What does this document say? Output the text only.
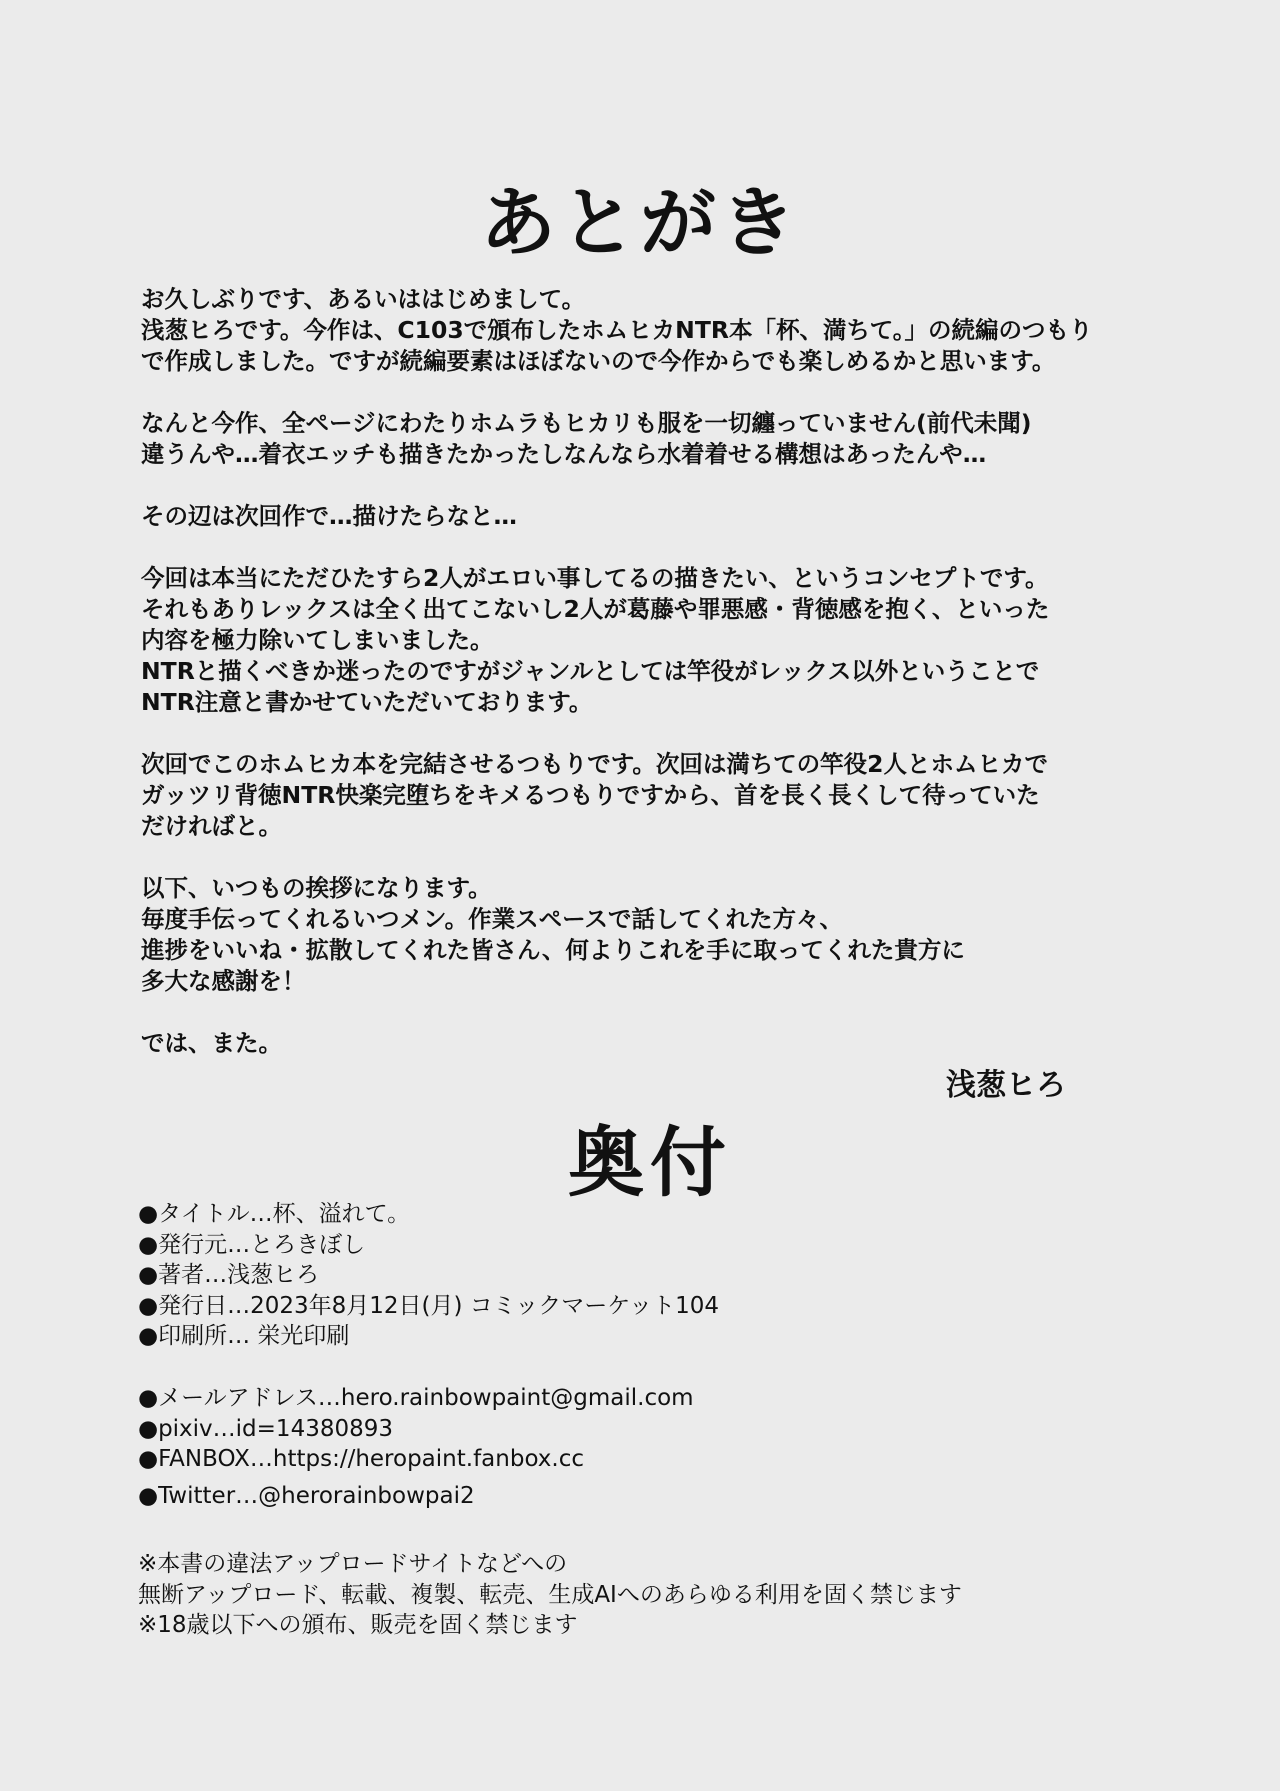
あとがき

お久しぶりです、あるいははじめまして。
浅葱ヒろです。今作は、C103で頒布したホムヒカNTR本「杯、満ちて。」の続編のつもり
で作成しました。ですが続編要素はほぼないので今作からでも楽しめるかと思います。

なんと今作、全ページにわたりホムラもヒカリも服を一切纏っていません(前代未聞)
違うんや…着衣エッチも描きたかったしなんなら水着着せる構想はあったんや…

その辺は次回作で…描けたらなと…

今回は本当にただひたすら2人がエロい事してるの描きたい、というコンセプトです。
それもありレックスは全く出てこないし2人が葛藤や罪悪感・背徳感を抱く、といった
内容を極力除いてしまいました。
NTRと描くべきか迷ったのですがジャンルとしては竿役がレックス以外ということで
NTR注意と書かせていただいております。

次回でこのホムヒカ本を完結させるつもりです。次回は満ちての竿役2人とホムヒカで
ガッツリ背徳NTR快楽完堕ちをキメるつもりですから、首を長く長くして待っていた
だければと。

以下、いつもの挨拶になります。
毎度手伝ってくれるいつメン。作業スペースで話してくれた方々、
進捗をいいね・拡散してくれた皆さん、何よりこれを手に取ってくれた貴方に
多大な感謝を！

では、また。

浅葱ヒろ
奥付
●タイトル…杯、溢れて。
●発行元…とろきぼし
●著者…浅葱ヒろ
●発行日…2023年8月12日(月) コミックマーケット104
●印刷所… 栄光印刷
●メールアドレス…hero.rainbowpaint@gmail.com
●pixiv…id=14380893
●FANBOX…https://heropaint.fanbox.cc
●Twitter…@herorainbowpai2
※本書の違法アップロードサイトなどへの
無断アップロード、転載、複製、転売、生成AIへのあらゆる利用を固く禁じます
※18歳以下への頒布、販売を固く禁じます
